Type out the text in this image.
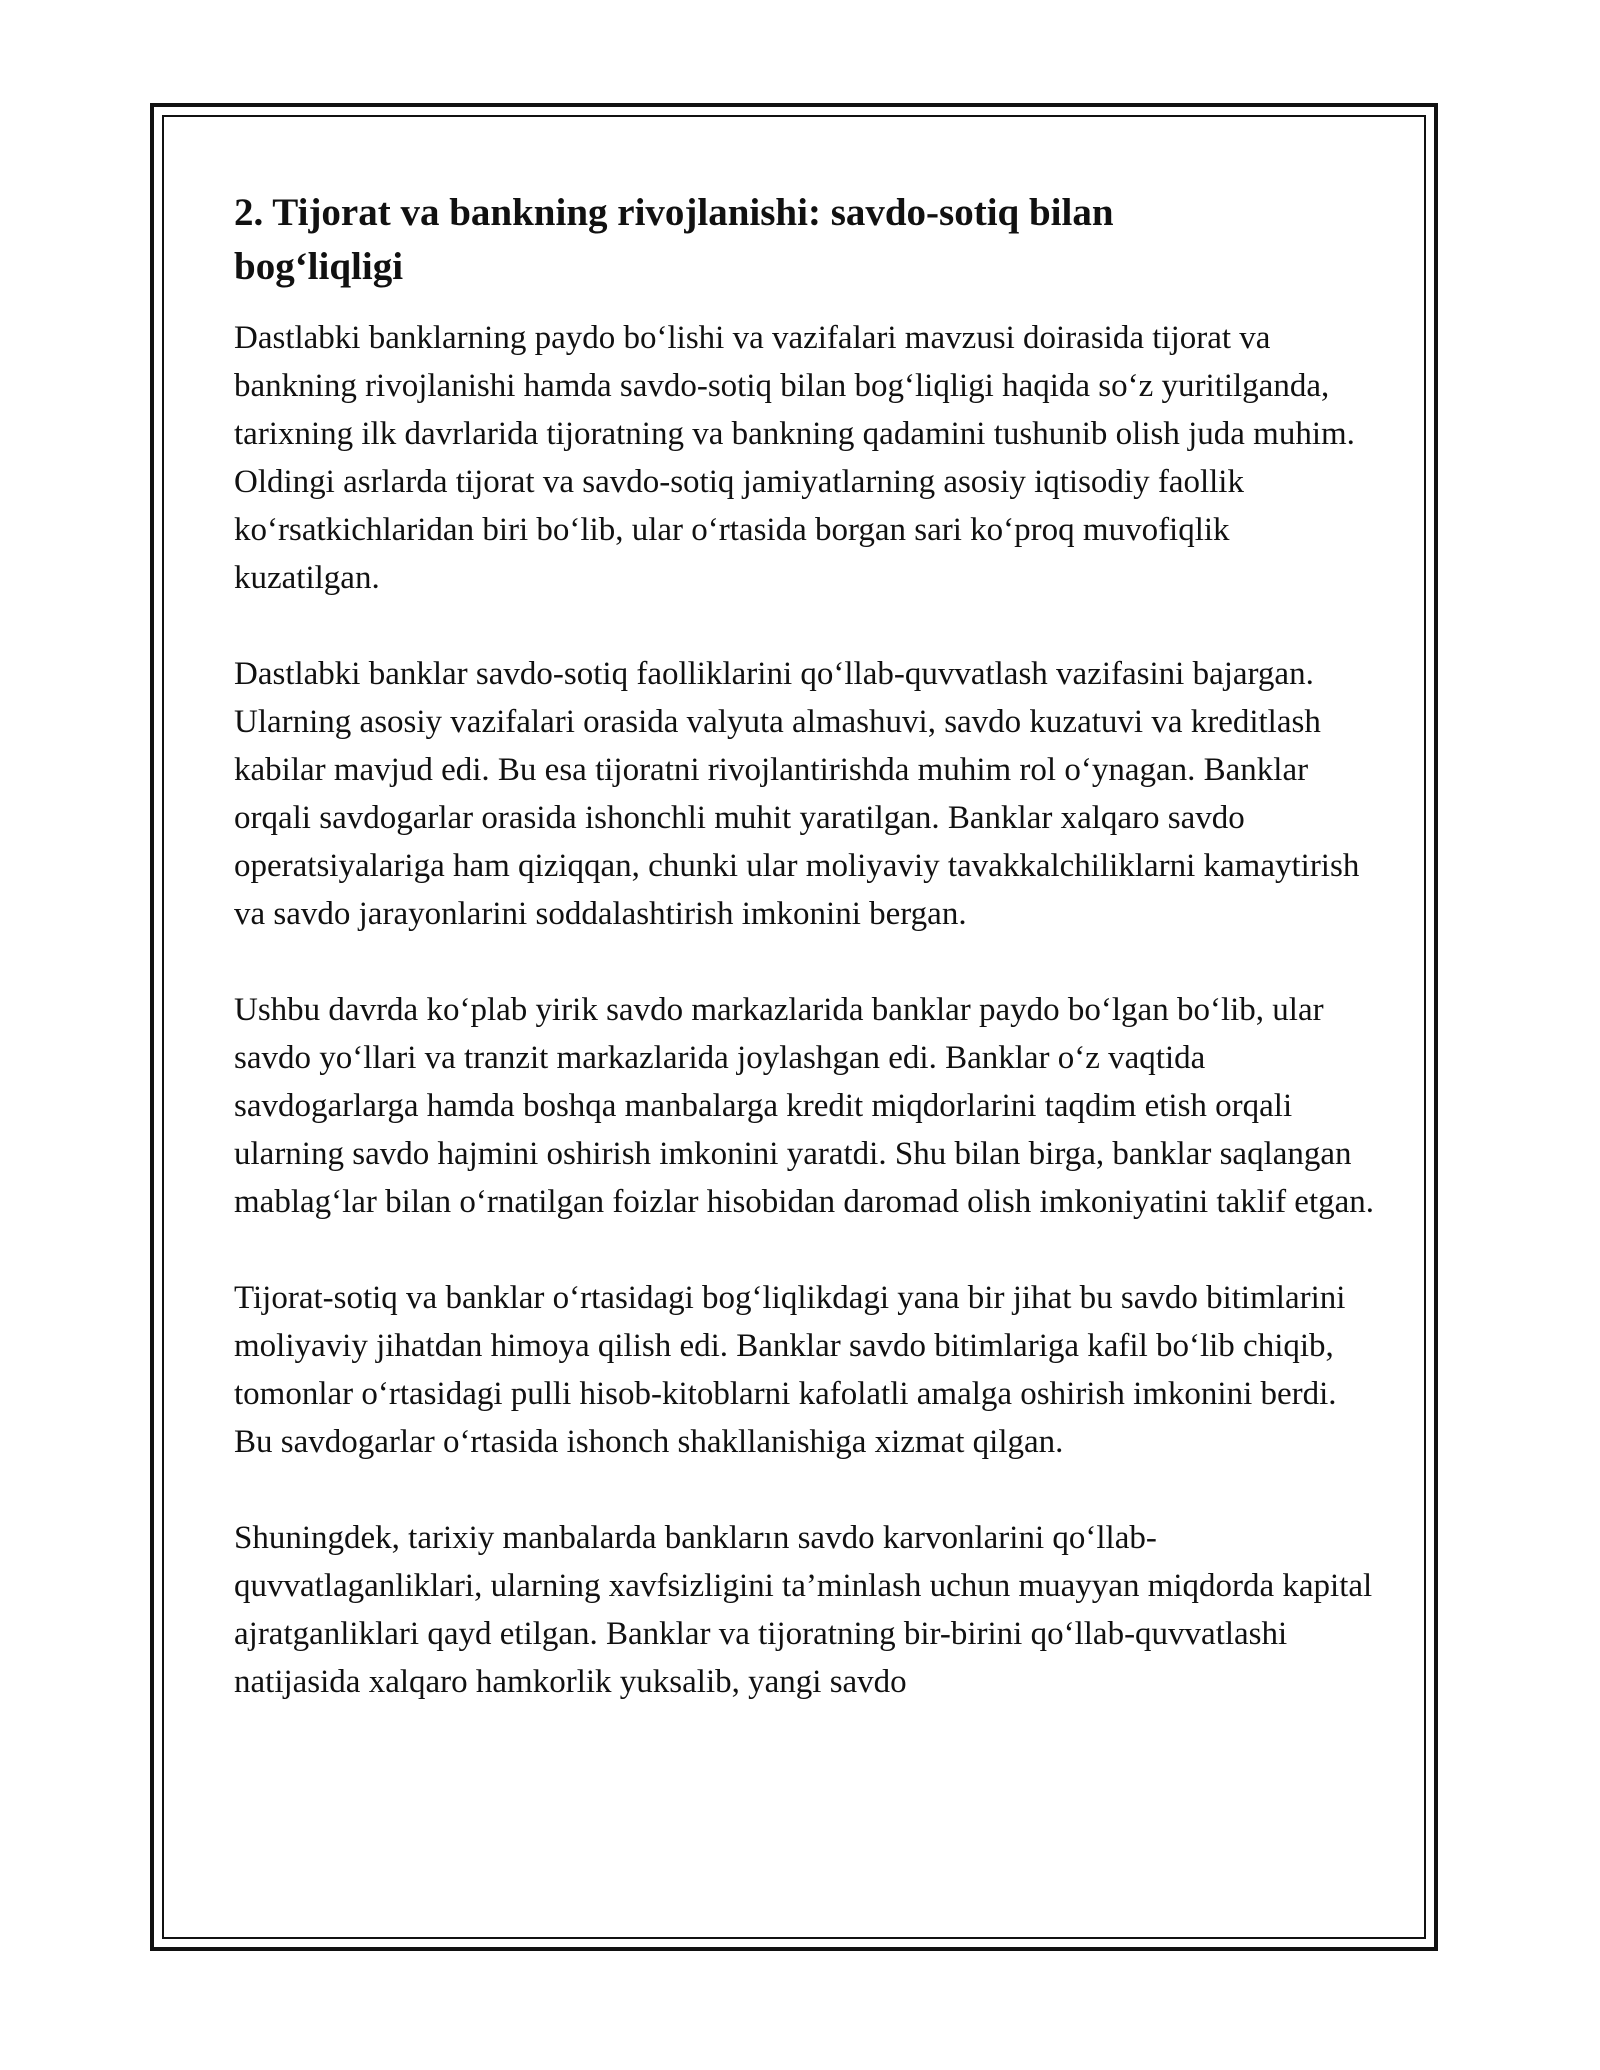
2. Tijorat va bankning rivojlanishi: savdo-sotiq bilan bog‘liqligi

Dastlabki banklarning paydo bo‘lishi va vazifalari mavzusi doirasida tijorat va bankning rivojlanishi hamda savdo-sotiq bilan bog‘liqligi haqida so‘z yuritilganda, tarixning ilk davrlarida tijoratning va bankning qadamini tushunib olish juda muhim. Oldingi asrlarda tijorat va savdo-sotiq jamiyatlarning asosiy iqtisodiy faollik ko‘rsatkichlaridan biri bo‘lib, ular o‘rtasida borgan sari ko‘proq muvofiqlik kuzatilgan.

Dastlabki banklar savdo-sotiq faolliklarini qo‘llab-quvvatlash vazifasini bajargan. Ularning asosiy vazifalari orasida valyuta almashuvi, savdo kuzatuvi va kreditlash kabilar mavjud edi. Bu esa tijoratni rivojlantirishda muhim rol o‘ynagan. Banklar orqali savdogarlar orasida ishonchli muhit yaratilgan. Banklar xalqaro savdo operatsiyalariga ham qiziqqan, chunki ular moliyaviy tavakkalchiliklarni kamaytirish va savdo jarayonlarini soddalashtirish imkonini bergan.

Ushbu davrda ko‘plab yirik savdo markazlarida banklar paydo bo‘lgan bo‘lib, ular savdo yo‘llari va tranzit markazlarida joylashgan edi. Banklar o‘z vaqtida savdogarlarga hamda boshqa manbalarga kredit miqdorlarini taqdim etish orqali ularning savdo hajmini oshirish imkonini yaratdi. Shu bilan birga, banklar saqlangan mablag‘lar bilan o‘rnatilgan foizlar hisobidan daromad olish imkoniyatini taklif etgan.

Tijorat-sotiq va banklar o‘rtasidagi bog‘liqlikdagi yana bir jihat bu savdo bitimlarini moliyaviy jihatdan himoya qilish edi. Banklar savdo bitimlariga kafil bo‘lib chiqib, tomonlar o‘rtasidagi pulli hisob-kitoblarni kafolatli amalga oshirish imkonini berdi. Bu savdogarlar o‘rtasida ishonch shakllanishiga xizmat qilgan.

Shuningdek, tarixiy manbalarda bankların savdo karvonlarini qo‘llab-quvvatlaganliklari, ularning xavfsizligini ta’minlash uchun muayyan miqdorda kapital ajratganliklari qayd etilgan. Banklar va tijoratning bir-birini qo‘llab-quvvatlashi natijasida xalqaro hamkorlik yuksalib, yangi savdo
